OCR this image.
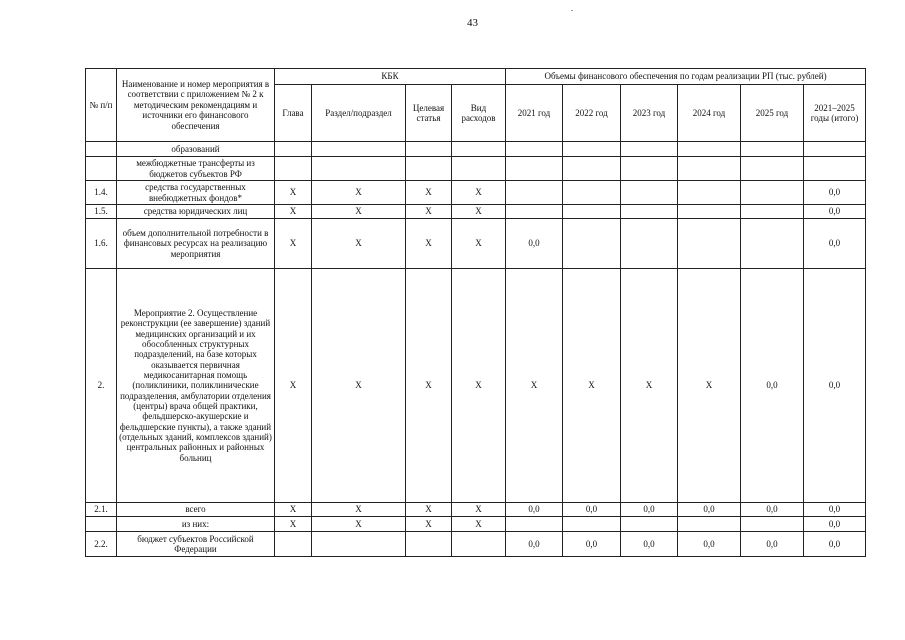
43
№ п/п	Наименование и номер мероприятия в соответствии с приложением № 2 к методическим рекомендациям и источники его финансового обеспечения	КБК				Объемы финансового обеспечения по годам реализации РП (тыс. рублей)					
		Глава	Раздел/подраздел	Целевая статья	Вид расходов	2021 год	2022 год	2023 год	2024 год	2025 год	2021–2025 годы (итого)
	образований										
	межбюджетные трансферты из бюджетов субъектов РФ										
1.4.	средства государственных внебюджетных фондов*	Х	Х	Х	Х						0,0
1.5.	средства юридических лиц	Х	Х	Х	Х						0,0
1.6.	объем дополнительной потребности в финансовых ресурсах на реализацию мероприятия	Х	Х	Х	Х	0,0					0,0
2.	Мероприятие 2. Осуществление реконструкции (ее завершение) зданий медицинских организаций и их обособленных структурных подразделений, на базе которых оказывается первичная медикосанитарная помощь (поликлиники, поликлинические подразделения, амбулатории отделения (центры) врача общей практики, фельдшерско-акушерские и фельдшерские пункты), а также зданий (отдельных зданий, комплексов зданий) центральных районных и районных больниц	Х	Х	Х	Х	Х	Х	Х	Х	0,0	0,0
2.1.	всего	Х	Х	Х	Х	0,0	0,0	0,0	0,0	0,0	0,0
	из них:	Х	Х	Х	Х						0,0
2.2.	бюджет субъектов Российской Федерации					0,0	0,0	0,0	0,0	0,0	0,0
